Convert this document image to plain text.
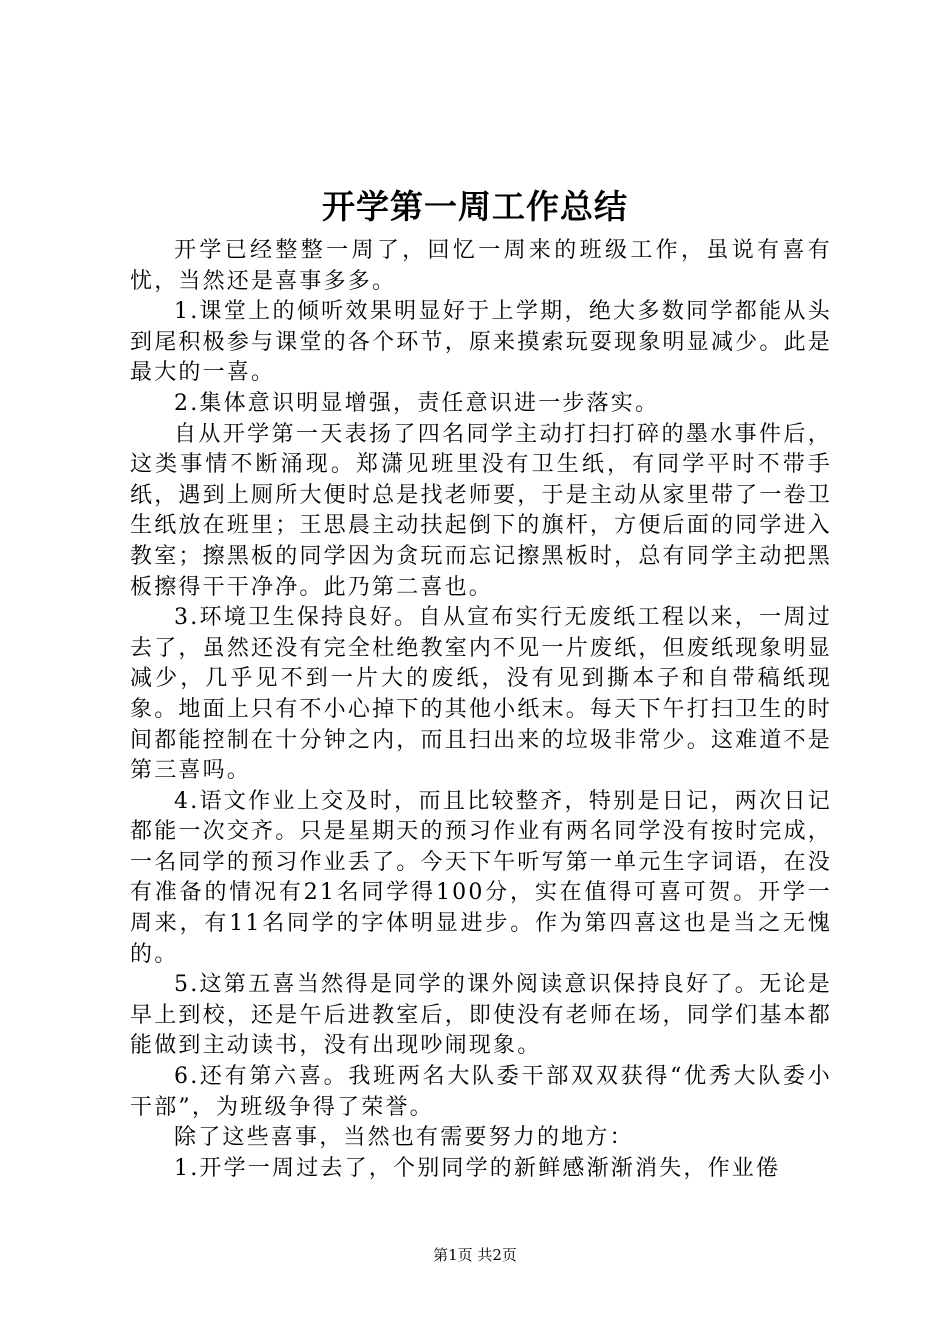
开学第一周工作总结

开学已经整整一周了，回忆一周来的班级工作，虽说有喜有忧，当然还是喜事多多。

1.课堂上的倾听效果明显好于上学期，绝大多数同学都能从头到尾积极参与课堂的各个环节，原来摸索玩耍现象明显减少。此是最大的一喜。

2.集体意识明显增强，责任意识进一步落实。

自从开学第一天表扬了四名同学主动打扫打碎的墨水事件后，这类事情不断涌现。郑潇见班里没有卫生纸，有同学平时不带手纸，遇到上厕所大便时总是找老师要，于是主动从家里带了一卷卫生纸放在班里；王思晨主动扶起倒下的旗杆，方便后面的同学进入教室；擦黑板的同学因为贪玩而忘记擦黑板时，总有同学主动把黑板擦得干干净净。此乃第二喜也。

3.环境卫生保持良好。自从宣布实行无废纸工程以来，一周过去了，虽然还没有完全杜绝教室内不见一片废纸，但废纸现象明显减少，几乎见不到一片大的废纸，没有见到撕本子和自带稿纸现象。地面上只有不小心掉下的其他小纸末。每天下午打扫卫生的时间都能控制在十分钟之内，而且扫出来的垃圾非常少。这难道不是第三喜吗。

4.语文作业上交及时，而且比较整齐，特别是日记，两次日记都能一次交齐。只是星期天的预习作业有两名同学没有按时完成，一名同学的预习作业丢了。今天下午听写第一单元生字词语，在没有准备的情况有21名同学得100分，实在值得可喜可贺。开学一周来，有11名同学的字体明显进步。作为第四喜这也是当之无愧的。

5.这第五喜当然得是同学的课外阅读意识保持良好了。无论是早上到校，还是午后进教室后，即使没有老师在场，同学们基本都能做到主动读书，没有出现吵闹现象。

6.还有第六喜。我班两名大队委干部双双获得“优秀大队委小干部”，为班级争得了荣誉。

除了这些喜事，当然也有需要努力的地方：

1.开学一周过去了，个别同学的新鲜感渐渐消失，作业倦

第1页 共2页
